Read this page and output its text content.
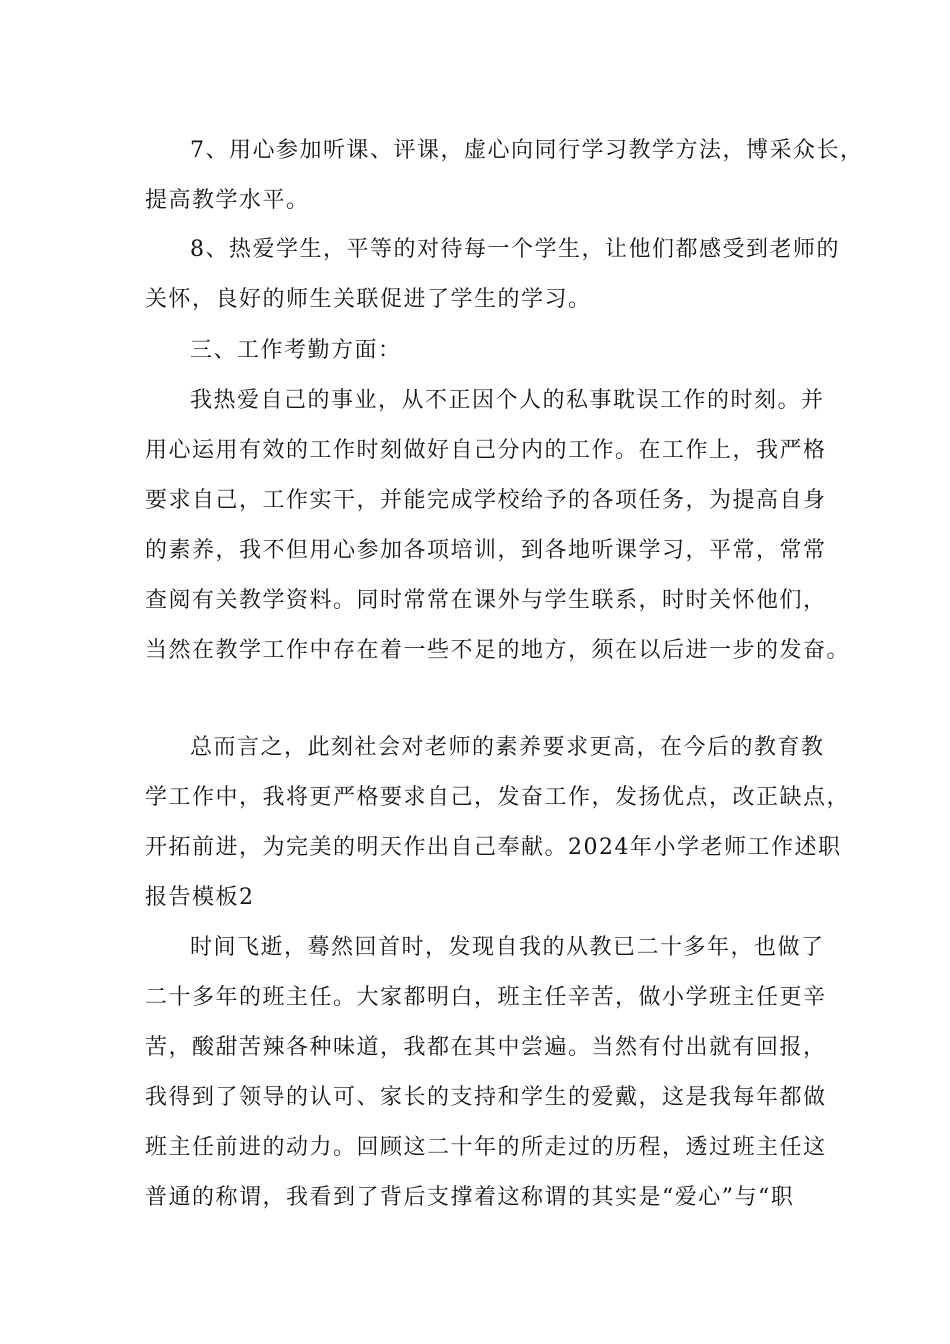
7、用心参加听课、评课，虚心向同行学习教学方法，博采众长，
提高教学水平。
8、热爱学生，平等的对待每一个学生，让他们都感受到老师的
关怀，良好的师生关联促进了学生的学习。
三、工作考勤方面：
我热爱自己的事业，从不正因个人的私事耽误工作的时刻。并
用心运用有效的工作时刻做好自己分内的工作。在工作上，我严格
要求自己，工作实干，并能完成学校给予的各项任务，为提高自身
的素养，我不但用心参加各项培训，到各地听课学习，平常，常常
查阅有关教学资料。同时常常在课外与学生联系，时时关怀他们，
当然在教学工作中存在着一些不足的地方，须在以后进一步的发奋。
总而言之，此刻社会对老师的素养要求更高，在今后的教育教
学工作中，我将更严格要求自己，发奋工作，发扬优点，改正缺点，
开拓前进，为完美的明天作出自己奉献。2024年小学老师工作述职
报告模板2
时间飞逝，蓦然回首时，发现自我的从教已二十多年，也做了
二十多年的班主任。大家都明白，班主任辛苦，做小学班主任更辛
苦，酸甜苦辣各种味道，我都在其中尝遍。当然有付出就有回报，
我得到了领导的认可、家长的支持和学生的爱戴，这是我每年都做
班主任前进的动力。回顾这二十年的所走过的历程，透过班主任这
普通的称谓，我看到了背后支撑着这称谓的其实是“爱心”与“职
